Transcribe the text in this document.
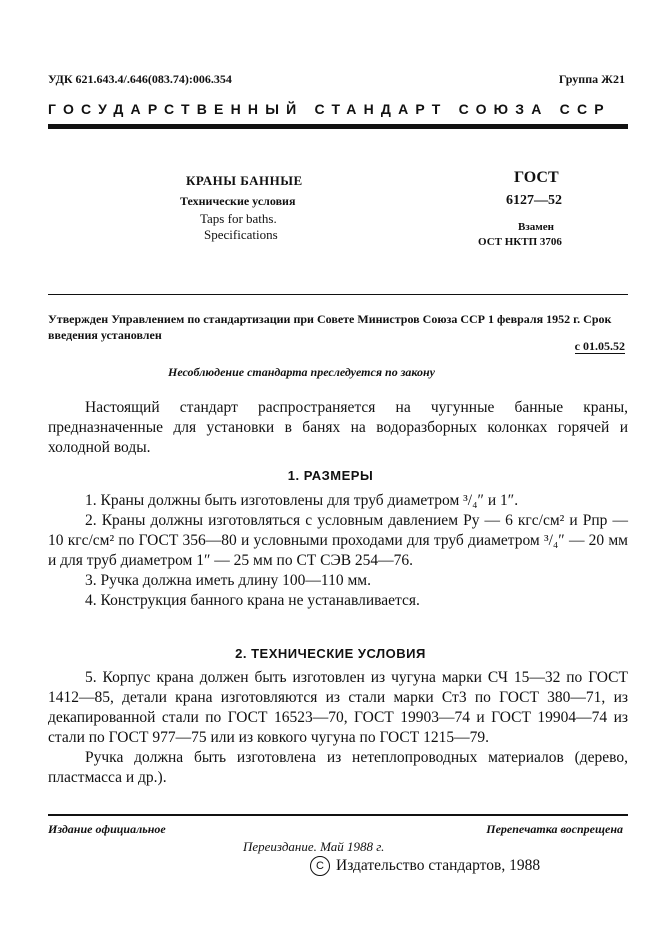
УДК 621.643.4/.646(083.74):006.354	Группа Ж21
ГОСУДАРСТВЕННЫЙ СТАНДАРТ СОЮЗА ССР
КРАНЫ БАННЫЕ
Технические условия
Taps for baths.
Specifications
ГОСТ
6127—52
Взамен
ОСТ НКТП 3706
Утвержден Управлением по стандартизации при Совете Министров Союза ССР 1 февраля 1952 г. Срок введения установлен
с 01.05.52
Несоблюдение стандарта преследуется по закону

Настоящий стандарт распространяется на чугунные банные краны, предназначенные для установки в банях на водоразборных колонках горячей и холодной воды.

1. РАЗМЕРЫ

1. Краны должны быть изготовлены для труб диаметром ³/₄″ и 1″.

2. Краны должны изготовляться с условным давлением Pу — 6 кгс/см² и Pпр — 10 кгс/см² по ГОСТ 356—80 и условными проходами для труб диаметром ³/₄″ — 20 мм и для труб диаметром 1″ — 25 мм по СТ СЭВ 254—76.

3. Ручка должна иметь длину 100—110 мм.

4. Конструкция банного крана не устанавливается.

2. ТЕХНИЧЕСКИЕ УСЛОВИЯ

5. Корпус крана должен быть изготовлен из чугуна марки СЧ 15—32 по ГОСТ 1412—85, детали крана изготовляются из стали марки Ст3 по ГОСТ 380—71, из декапированной стали по ГОСТ 16523—70, ГОСТ 19903—74 и ГОСТ 19904—74 из стали по ГОСТ 977—75 или из ковкого чугуна по ГОСТ 1215—79.

Ручка должна быть изготовлена из нетеплопроводных материалов (дерево, пластмасса и др.).

Издание официальное	Перепечатка воспрещена
Переиздание. Май 1988 г.
C Издательство стандартов, 1988
